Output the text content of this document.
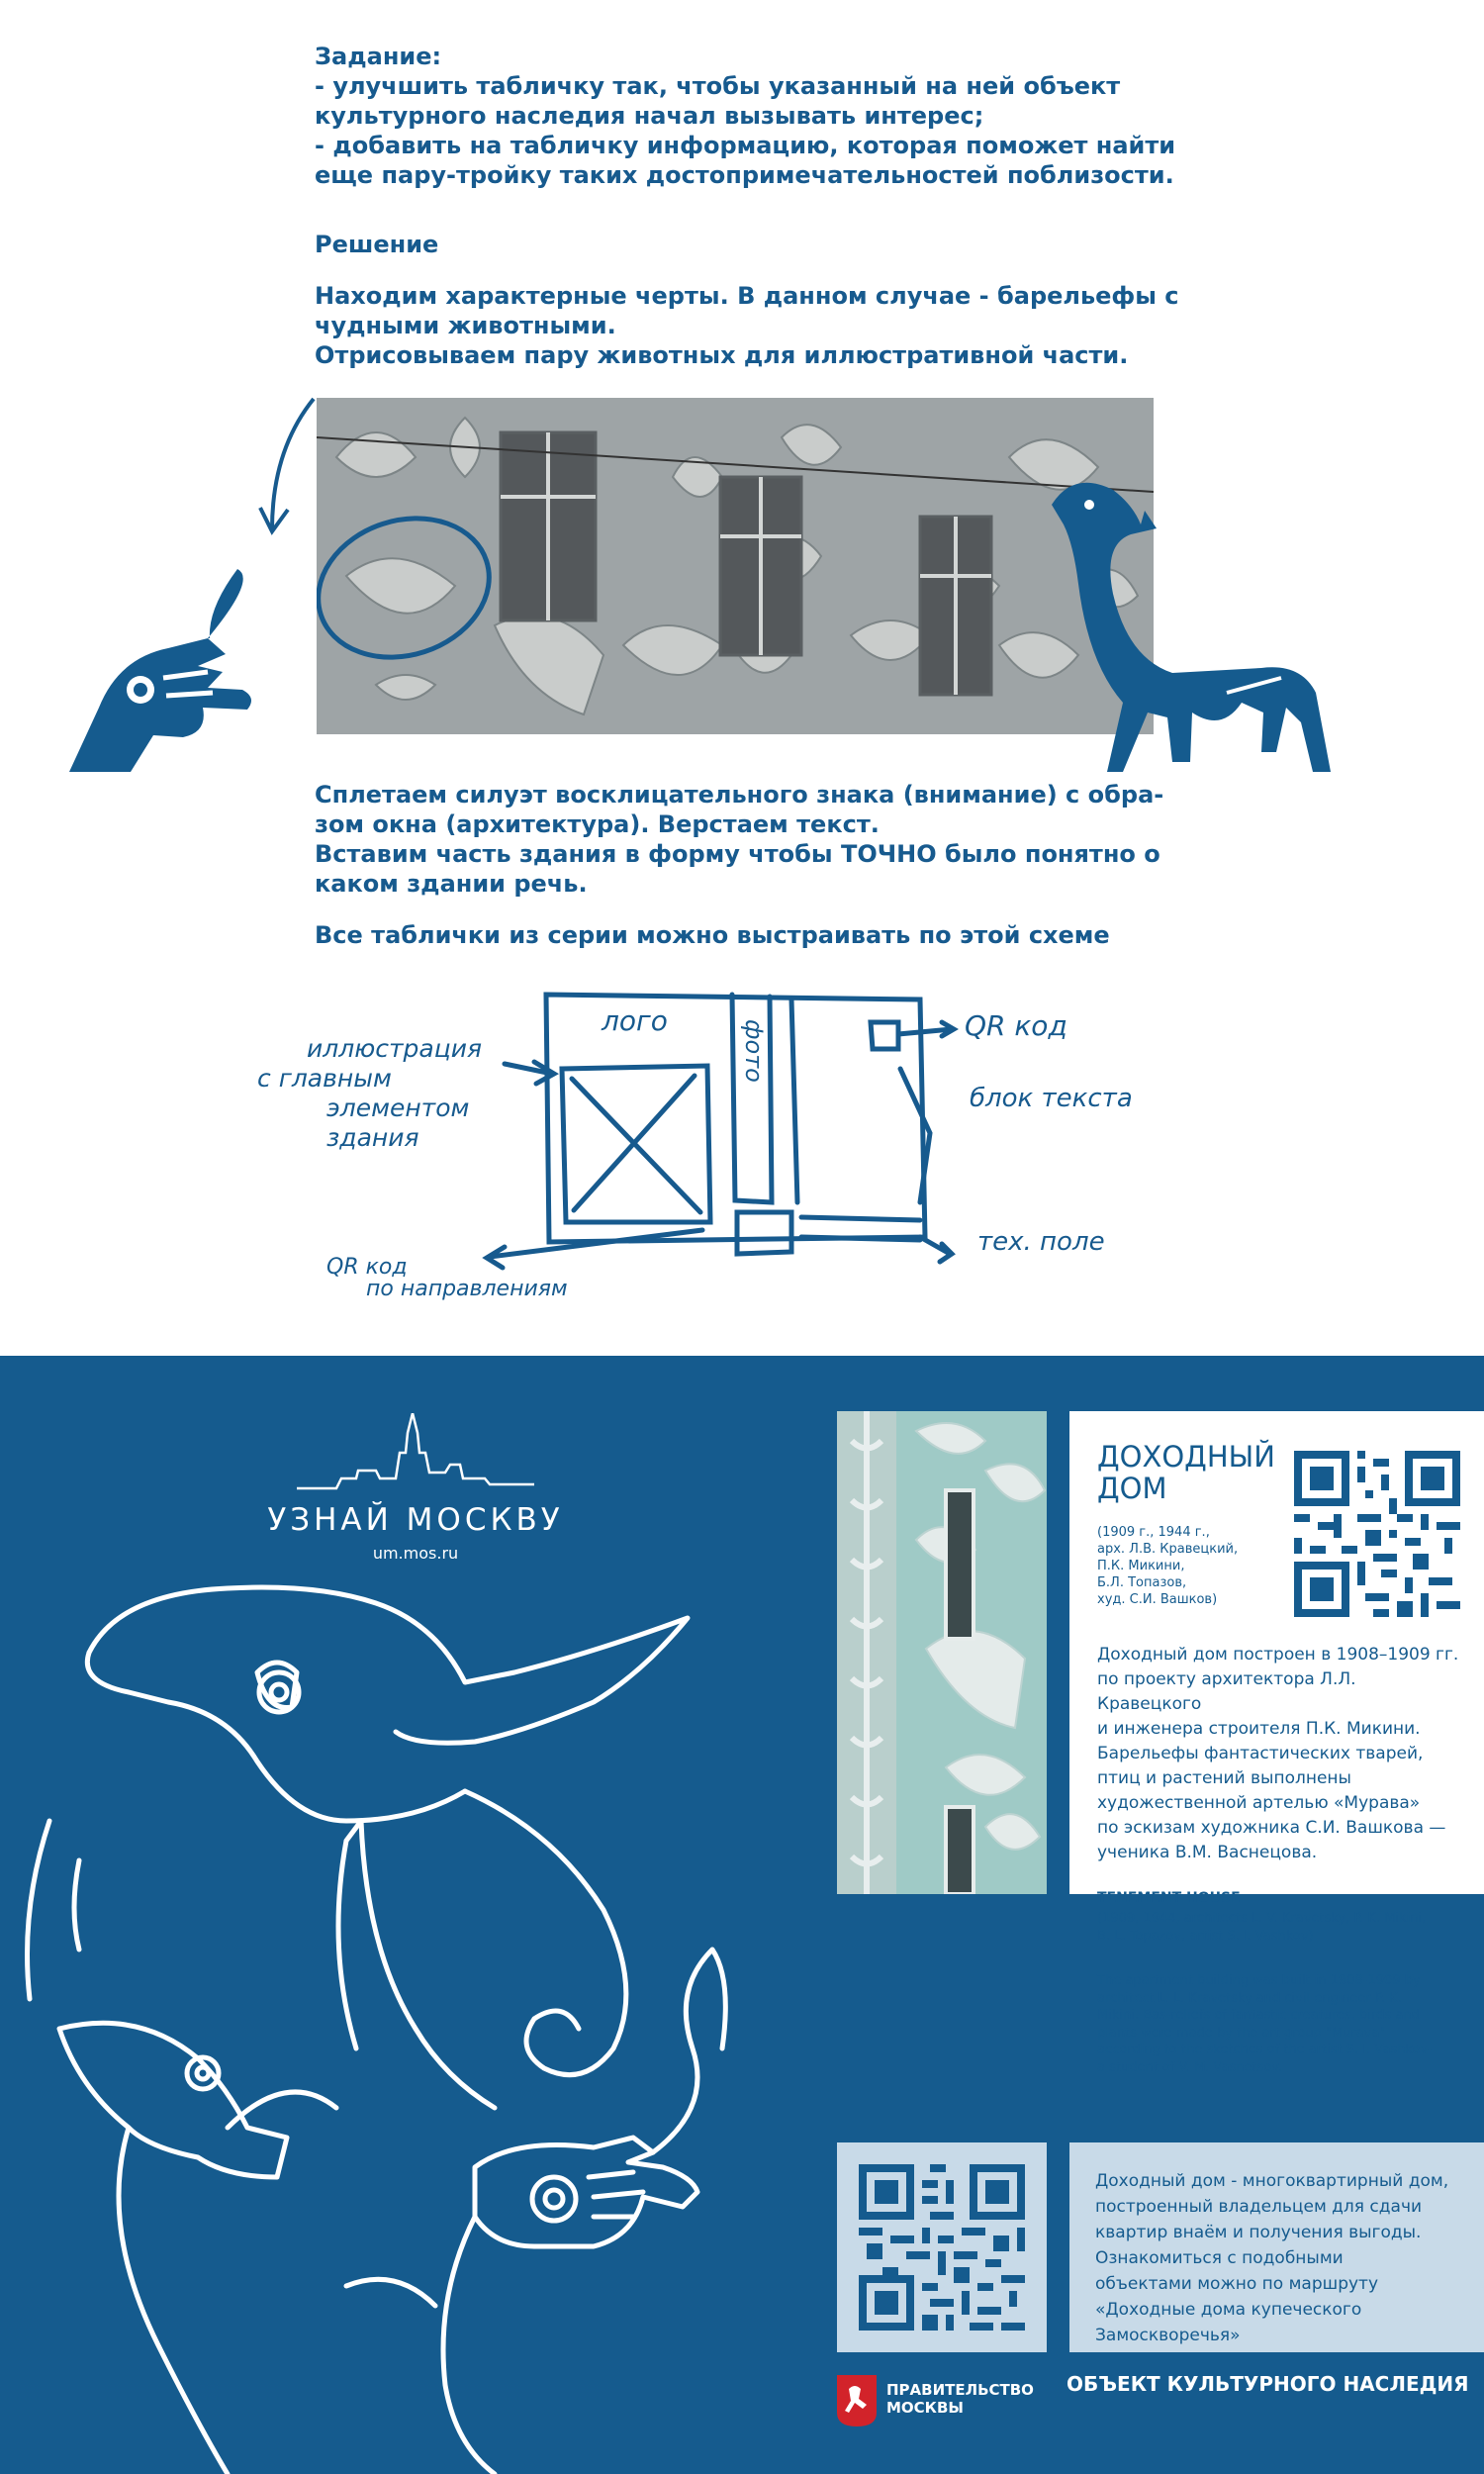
Задание:
- улучшить табличку так, чтобы указанный на ней объект
культурного наследия начал вызывать интерес;
- добавить на табличку информацию, которая поможет найти
еще пару-тройку таких достопримечательностей поблизости.
Решение
Находим характерные черты. В данном случае - барельефы с
чудными животными.
Отрисовываем пару животных для иллюстративной части.
Сплетаем силуэт восклицательного знака (внимание) с обра-
зом окна (архитектура). Верстаем текст.
Вставим часть здания в форму чтобы ТОЧНО было понятно о
каком здании речь.
Все таблички из серии можно выстраивать по этой схеме
лого	фото	QR код
блок текста
тех. поле
иллюстрация
с главным
элементом
здания
QR код
по направлениям
УЗНАЙ МОСКВУ
um.mos.ru
ДОХОДНЫЙ
ДОМ
(1909 г., 1944 г.,
арх. Л.В. Кравецкий,
П.К. Микини,
Б.Л. Топазов,
худ. С.И. Вашков)
Доходный дом построен в 1908–1909 гг.
по проекту архитектора Л.Л. Кравецкого
и инженера строителя П.К. Микини.
Барельефы фантастических тварей,
птиц и растений выполнены
художественной артелью «Мурава»
по эскизам художника С.И. Вашкова —
ученика В.М. Васнецова.
TENEMENT HOUSE
Доходный дом - многоквартирный дом,
построенный владельцем для сдачи
квартир внаём и получения выгоды.
Ознакомиться с подобными
объектами можно по маршруту
«Доходные дома купеческого
Замоскворечья»
ПРАВИТЕЛЬСТВО
МОСКВЫ
ОБЪЕКТ КУЛЬТУРНОГО НАСЛЕДИЯ
(1909, 1944, architects L. V. Kravetsky, P. K. Mikini,
B. L. Topazov, artist S. I. Vashkov)
The apartment building was built in 1908-1909 by
architect L. L. Kravetsky and civil engineer P. K.
Mikini. Bas-reliefs of fantastic creatures, birds and
plants were made by the art group "Murava"
according to the sketches of the artist S. I. Vashkov-
a student of V. M. Vasnetsov.
